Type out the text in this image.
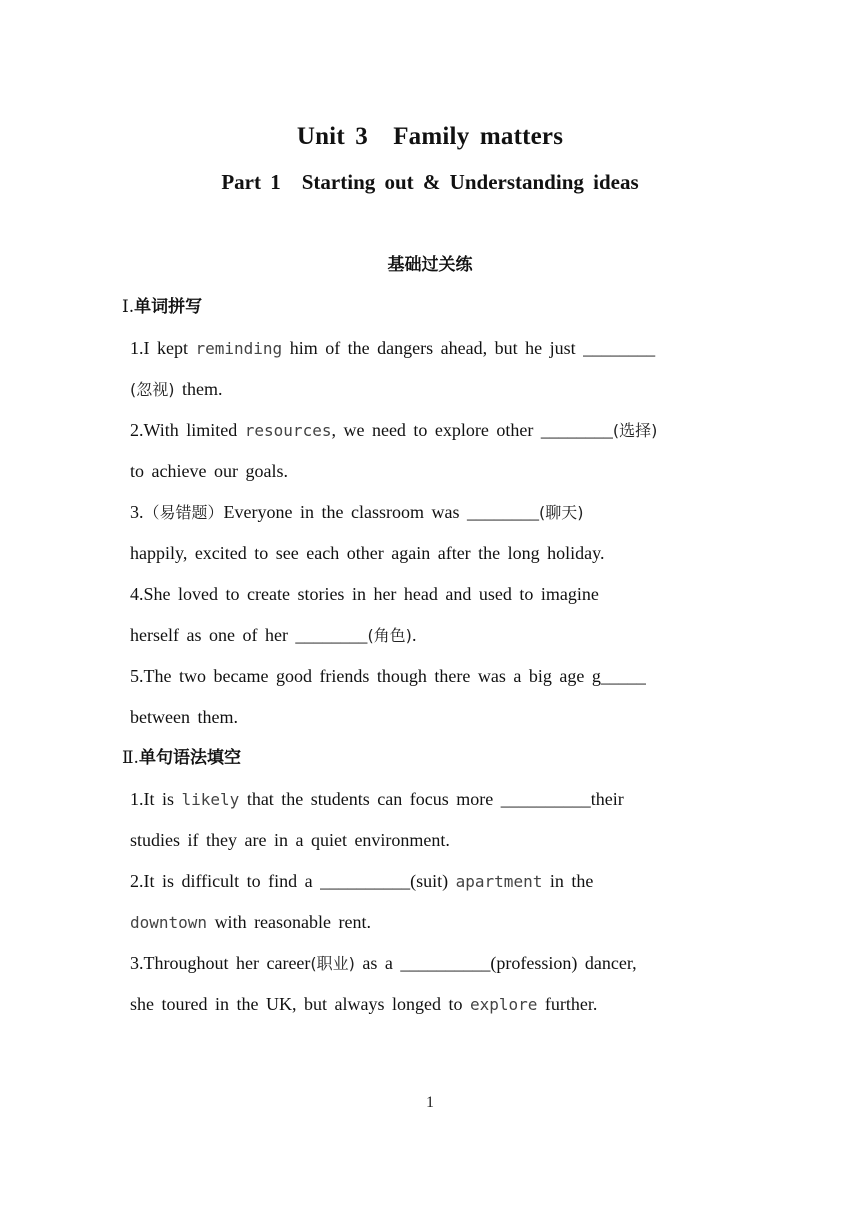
Unit 3　Family matters
Part 1　Starting out & Understanding ideas
基础过关练
Ⅰ.单词拼写
1.I kept reminding him of the dangers ahead, but he just ________
(忽视) them.
2.With limited resources, we need to explore other ________(选择)
to achieve our goals.
3.（易错题）Everyone in the classroom was ________(聊天)
happily, excited to see each other again after the long holiday.
4.She loved to create stories in her head and used to imagine
herself as one of her ________(角色).
5.The two became good friends though there was a big age g_____
between them.
Ⅱ.单句语法填空
1.It is likely that the students can focus more __________their
studies if they are in a quiet environment.
2.It is difficult to find a __________(suit) apartment in the
downtown with reasonable rent.
3.Throughout her career(职业) as a __________(profession) dancer,
she toured in the UK, but always longed to explore further.
1
